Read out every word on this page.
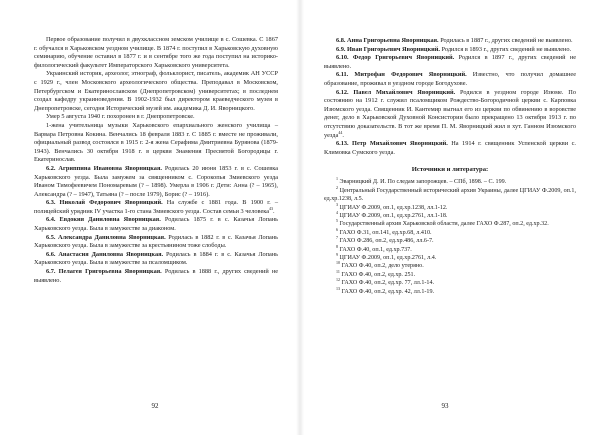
Первое образование получил в двухклассном земском училище в с. Сошевка. С 1867 г. обучался в Харьковском уездном училище. В 1874 г. поступил в Харьковскую духовную семинарию, обучение оставил в 1877 г. и в сентябре того же года поступил на историко-филологический факультет Императорского Харьковского университета.

Украинский историк, археолог, этнограф, фольклорист, писатель, академик АН УССР с 1929 г., член Московского археологического общества. Преподавал в Московском, Петербургском и Екатеринославском (Днепропетровском) университетах; в последнем создал кафедру украиноведения. В 1902-1932 был директором краеведческого музея в Днепропетровске, сегодня Исторический музей им. академика Д. И. Яворницкого.

Умер 5 августа 1940 г. похоронен в г. Днепропетровске.

1-жена учительница музыки Харьковского епархиального женского училища – Варвара Петровна Кокина. Венчались 18 февраля 1883 г. С 1885 г. вместе не проживали, официальный развод состоялся в 1915 г. 2-я жена Серафима Дмитриевна Бурянова (1879-1943). Венчались 30 октября 1918 г. в церкви Знамения Пресвятой Богородицы г. Екатеринослав.

6.2. Агриппина Ивановна Яворницкая. Родилась 20 июня 1853 г. в с. Сошевка Харьковского уезда. Была замужем за священником с. Сорокопья Змиевского уезда Иваном Тимофеевичем Пономаревым (? – 1898). Умерла в 1906 г. Дети: Анна (? – 1965), Александра (? – 1947), Татьяна (? – после 1979), Борис (? – 1916).

6.3. Николай Федорович Яворницкий. На службе с 1881 года. В 1900 г. – полицейский урядник IV участка 1-го стана Змиевского уезда. Состав семьи 3 человека$^{43}$.

6.4. Евдокия Даниловна Яворницкая. Родилась 1875 г. в с. Казачья Лопань Харьковского уезда. Была в замужестве за диаконом.

6.5. Александра Даниловна Яворницкая. Родилась в 1882 г. в с. Казачья Лопань Харьковского уезда. Была в замужестве за крестьянином тоже слободы.

6.6. Анастасия Даниловна Яворницкая. Родилась в 1884 г. в с. Казачья Лопань Харьковского уезда. Была в замужестве за псаломщиком.

6.7. Пелагея Григорьевна Яворницкая. Родилась в 1888 г., других сведений не выявлено.

92

6.8. Анна Григорьевна Яворницкая. Родилась в 1887 г., других сведений не выявлено.

6.9. Иван Григорьевич Яворницкий. Родился в 1893 г., других сведений не выявлено.

6.10. Федор Григорьевич Яворницкий. Родился в 1897 г., других сведений не выявлено.

6.11. Митрофан Федорович Яворницкий. Известно, что получил домашнее образование, проживал в уездном городе Богодухове.

6.12. Павел Михайлович Яворницкий. Родился в уездном городе Изюме. По состоянию на 1912 г. служил псаломщиком Рождество-Богородичной церкви с. Карповка Изюмского уезда. Священник И. Кантемир выгнал его из церкви по обвинению в воровстве денег, дело в Харьковской Духовной Консистории было прекращено 13 октября 1913 г. по отсутствию доказательств. В тот же время П. М. Яворницкий жил в хут. Ганном Изюмского уезда$^{44}$.

6.13. Петр Михайлович Яворницкий. На 1914 г. священник Успенской церкви с. Климовка Сумского уезда.

Источники и литература:

$^1$ Эварницкий Д. И. По следам запорожцев. – СПб, 1898. – С. 199.

$^2$ Центральный Государственный исторический архив Украины, далее ЦГИАУ Ф.2009, оп.1, ед.хр.1238, л.5.

$^3$ ЦГИАУ Ф.2009, оп.1, ед.хр.1238, лл.1-12.

$^4$ ЦГИАУ Ф.2009, оп.1, ед.хр.2761, лл.1-18.

$^5$ Государственный архив Харьковской области, далее ГАХО Ф.287, оп.2, ед.хр.32.

$^6$ ГАХО Ф.31, оп.141, ед.хр.68, л.410.

$^7$ ГАХО Ф.286, оп.2, ед.хр.486, лл.6-7.

$^8$ ГАХО Ф.40, оп.1, ед.хр.737.

$^9$ ЦГИАУ Ф.2009, оп.1, ед.хр.2761, л.4.

$^{10}$ ГАХО Ф.40, оп.2, дело утеряно.

$^{11}$ ГАХО Ф.40, оп.2, ед.хр. 251.

$^{12}$ ГАХО Ф.40, оп.2, ед.хр. 77, лл.1-14.

$^{13}$ ГАХО Ф.40, оп.2, ед.хр. 42, лл.1-19.

93
